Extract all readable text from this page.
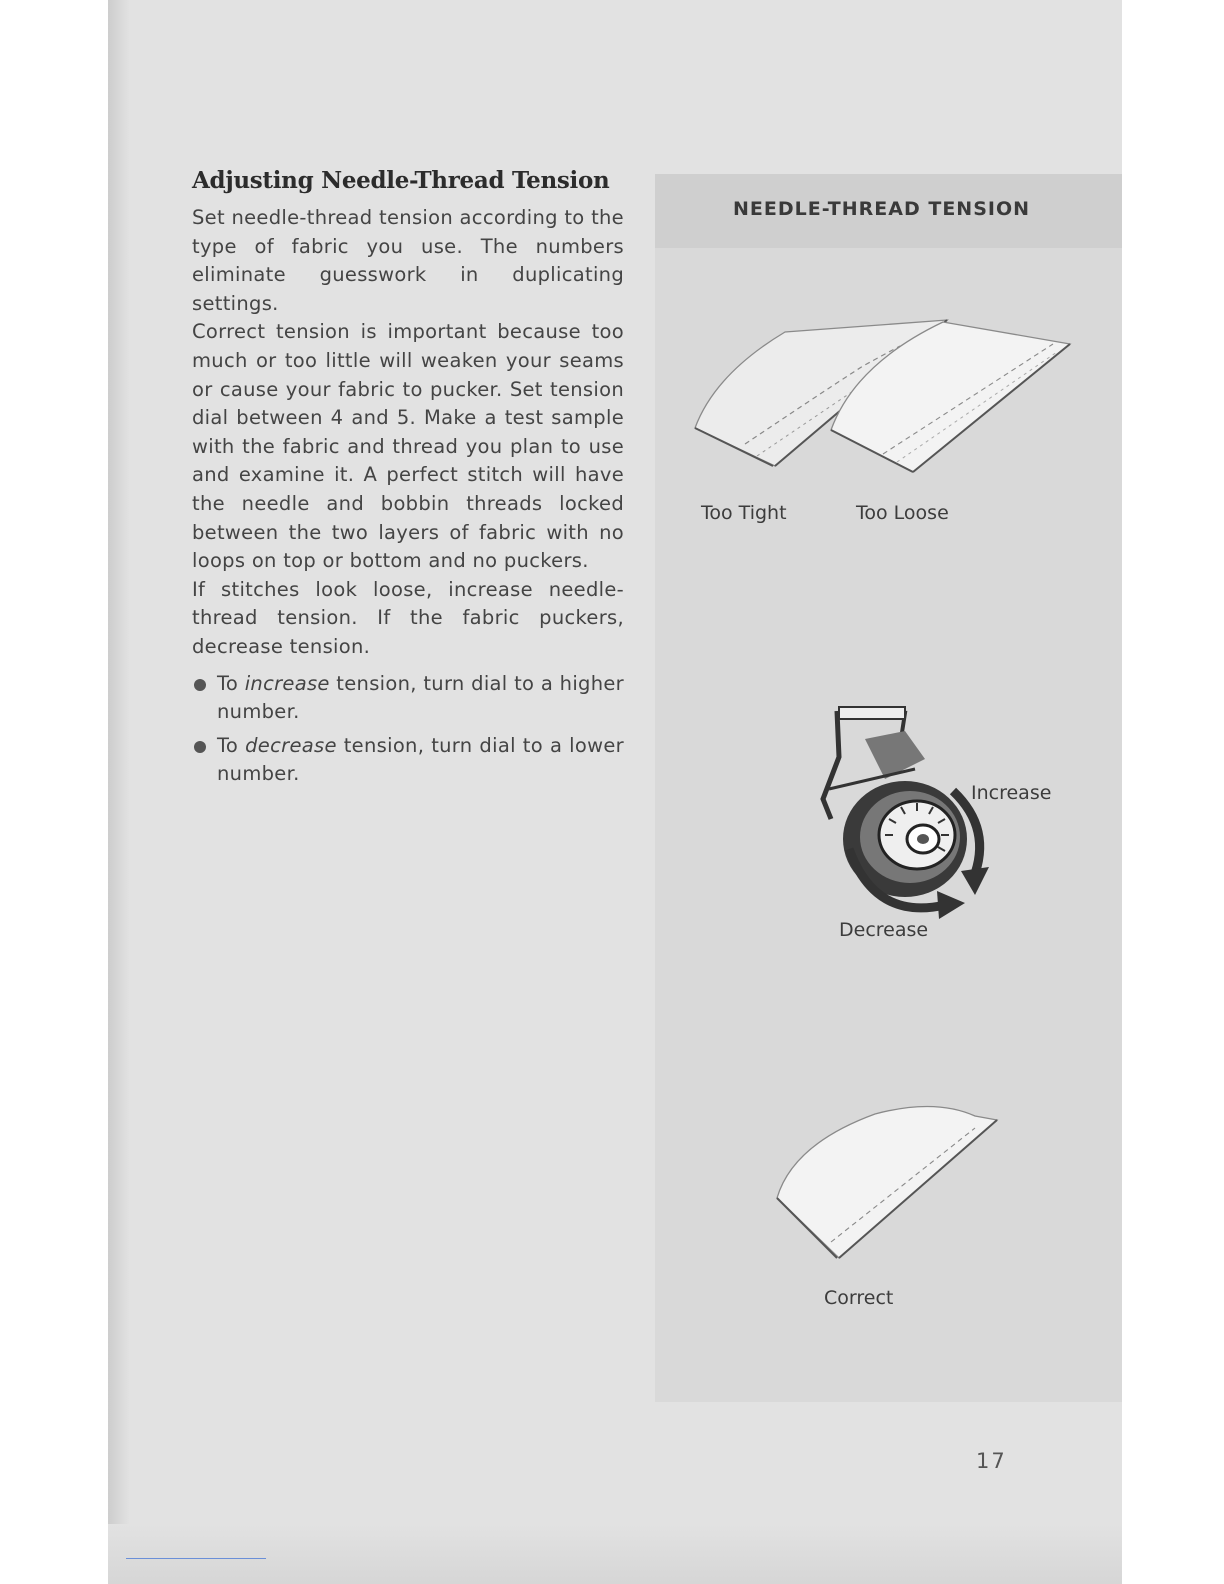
Adjusting Needle-Thread Tension

Set needle-thread tension according to the type of fabric you use. The numbers eliminate guesswork in duplicating settings.

Correct tension is important because too much or too little will weaken your seams or cause your fabric to pucker. Set tension dial between 4 and 5. Make a test sample with the fabric and thread you plan to use and examine it. A perfect stitch will have the needle and bobbin threads locked between the two layers of fabric with no loops on top or bottom and no puckers.

If stitches look loose, increase needle-thread tension. If the fabric puckers, decrease tension.

To increase tension, turn dial to a higher number.
To decrease tension, turn dial to a lower number.
NEEDLE-THREAD TENSION
Too Tight	Too Loose
Increase
Decrease
Correct
17
